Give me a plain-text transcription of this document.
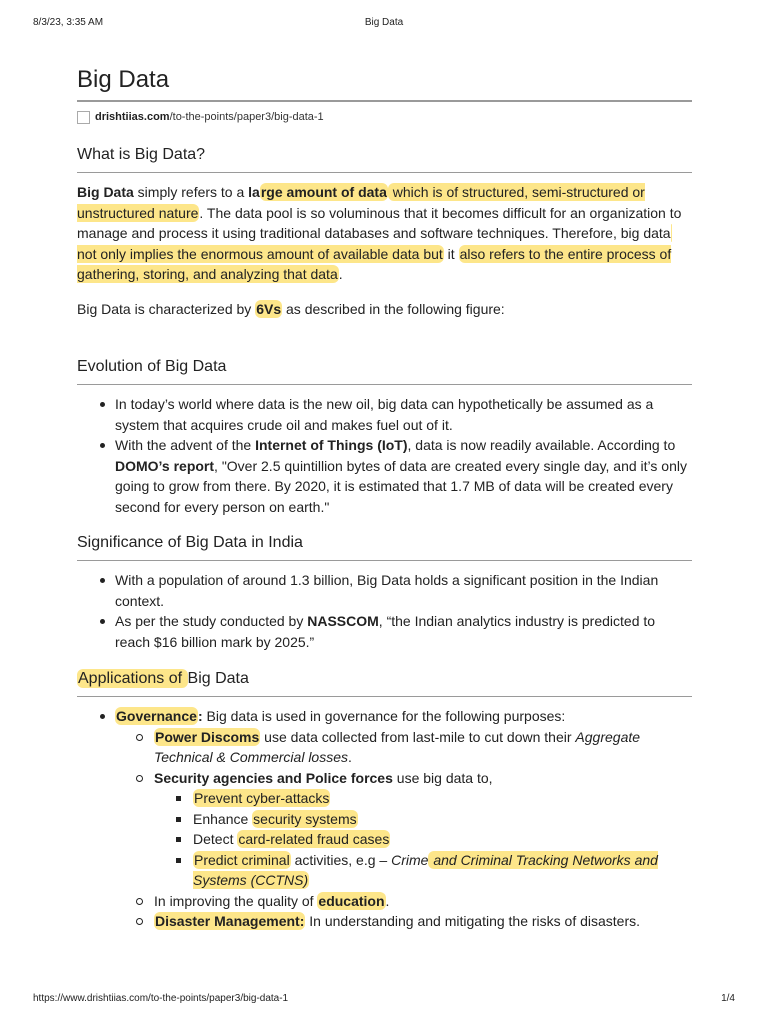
8/3/23, 3:35 AM	Big Data
Big Data
drishtiias.com /to-the-points/paper3/big-data-1
What is Big Data?

Big Data simply refers to a large amount of data which is of structured, semi-structured or unstructured nature. The data pool is so voluminous that it becomes difficult for an organization to manage and process it using traditional databases and software techniques. Therefore, big data not only implies the enormous amount of available data but it also refers to the entire process of gathering, storing, and analyzing that data.

Big Data is characterized by 6Vs as described in the following figure:

Evolution of Big Data
In today’s world where data is the new oil, big data can hypothetically be assumed as a system that acquires crude oil and makes fuel out of it.
With the advent of the Internet of Things (IoT), data is now readily available. According to DOMO’s report, "Over 2.5 quintillion bytes of data are created every single day, and it’s only going to grow from there. By 2020, it is estimated that 1.7 MB of data will be created every second for every person on earth."
Significance of Big Data in India
With a population of around 1.3 billion, Big Data holds a significant position in the Indian context.
As per the study conducted by NASSCOM, “the Indian analytics industry is predicted to reach $16 billion mark by 2025.”
Applications of Big Data
Governance: Big data is used in governance for the following purposes:
Power Discoms use data collected from last-mile to cut down their Aggregate Technical & Commercial losses.
Security agencies and Police forces use big data to,
Prevent cyber-attacks
Enhance security systems
Detect card-related fraud cases
Predict criminal activities, e.g – Crime and Criminal Tracking Networks and Systems (CCTNS)
In improving the quality of education.
Disaster Management: In understanding and mitigating the risks of disasters.
https://www.drishtiias.com/to-the-points/paper3/big-data-1	1/4
